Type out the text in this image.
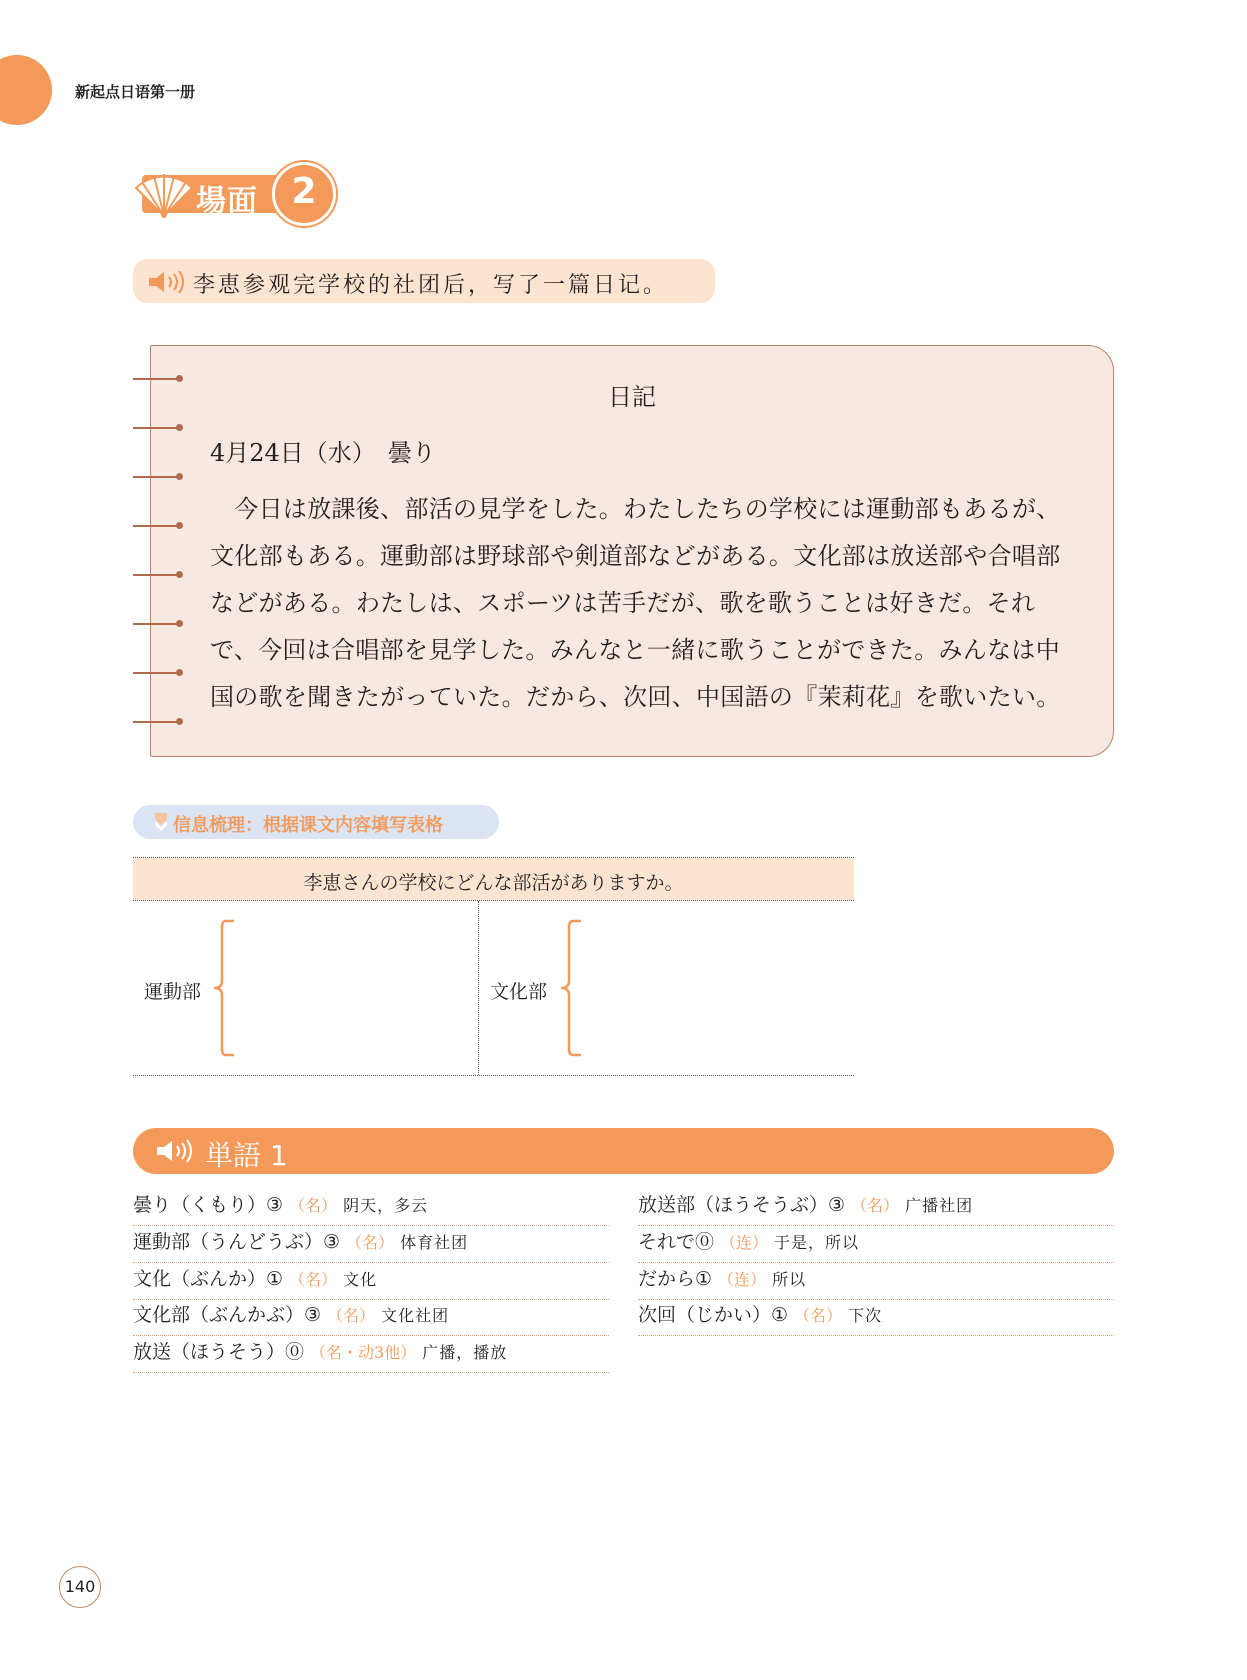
新起点日语第一册
場面 2
李恵参观完学校的社团后，写了一篇日记。
日記
4月24日（水）　曇り
　今日は放課後、部活の見学をした。わたしたちの学校には運動部もあるが、
文化部もある。運動部は野球部や剣道部などがある。文化部は放送部や合唱部
などがある。わたしは、スポーツは苦手だが、歌を歌うことは好きだ。それ
で、今回は合唱部を見学した。みんなと一緒に歌うことができた。みんなは中
国の歌を聞きたがっていた。だから、次回、中国語の『茉莉花』を歌いたい。
信息梳理：根据课文内容填写表格
李恵さんの学校にどんな部活がありますか。
運動部	文化部
単語 1
曇り（くもり）③ （名） 阴天，多云
運動部（うんどうぶ）③ （名） 体育社团
文化（ぶんか）① （名） 文化
文化部（ぶんかぶ）③ （名） 文化社团
放送（ほうそう）⓪ （名・动3他） 广播，播放
放送部（ほうそうぶ）③ （名） 广播社团
それで⓪ （连） 于是，所以
だから① （连） 所以
次回（じかい）① （名） 下次
140
